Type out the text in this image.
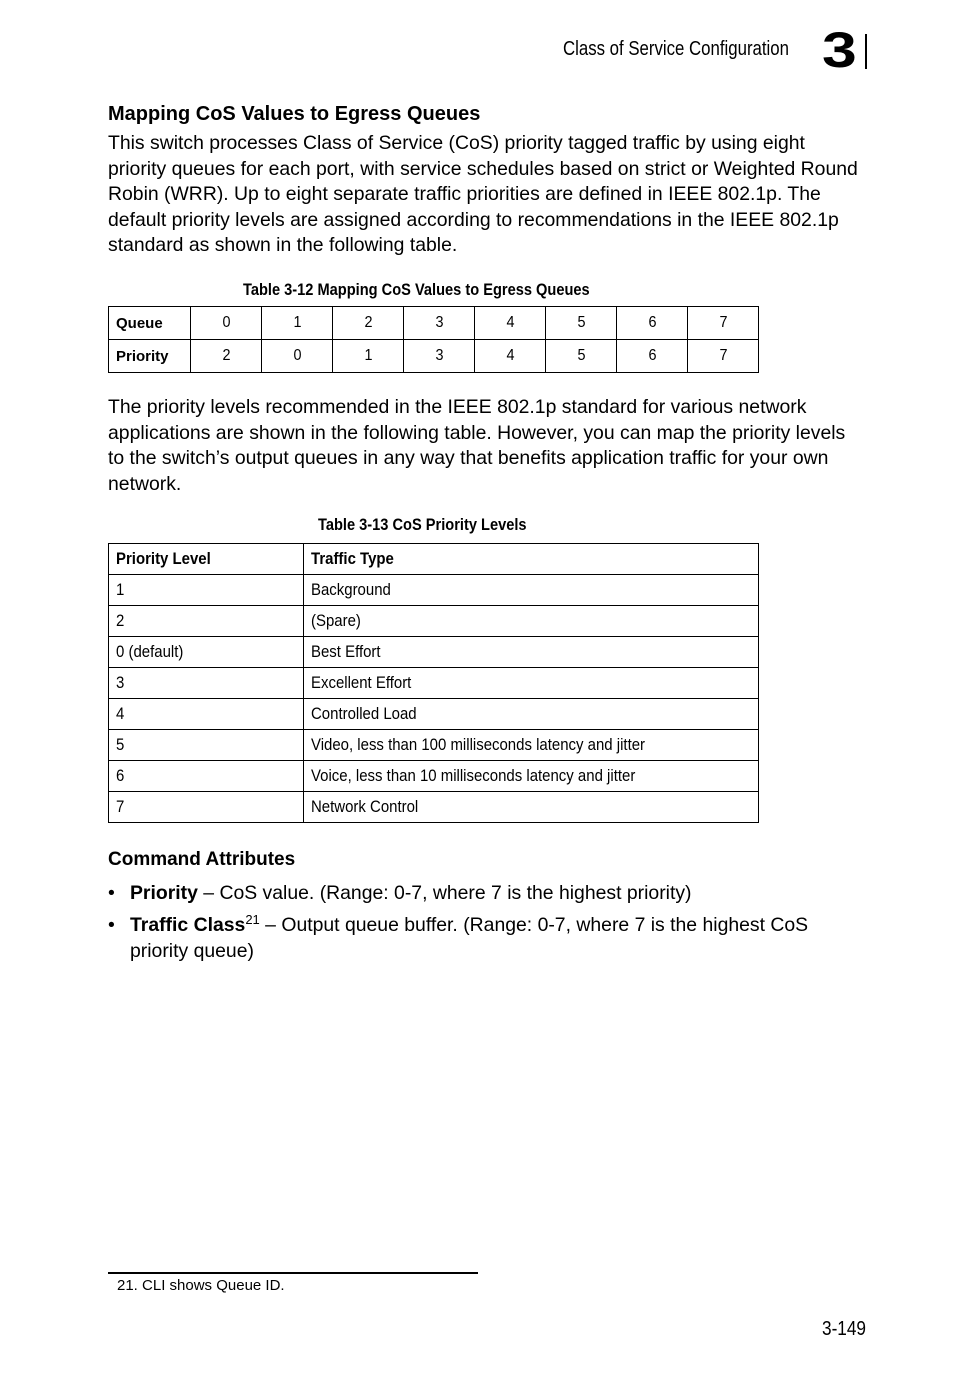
Class of Service Configuration 3
Mapping CoS Values to Egress Queues

This switch processes Class of Service (CoS) priority tagged traffic by using eight priority queues for each port, with service schedules based on strict or Weighted Round Robin (WRR). Up to eight separate traffic priorities are defined in IEEE 802.1p. The default priority levels are assigned according to recommendations in the IEEE 802.1p standard as shown in the following table.

Table 3-12 Mapping CoS Values to Egress Queues
Queue	0	1	2	3	4	5	6	7
Priority	2	0	1	3	4	5	6	7

The priority levels recommended in the IEEE 802.1p standard for various network applications are shown in the following table. However, you can map the priority levels to the switch’s output queues in any way that benefits application traffic for your own network.

Table 3-13 CoS Priority Levels
Priority Level	Traffic Type
1	Background
2	(Spare)
0 (default)	Best Effort
3	Excellent Effort
4	Controlled Load
5	Video, less than 100 milliseconds latency and jitter
6	Voice, less than 10 milliseconds latency and jitter
7	Network Control
Command Attributes
• Priority – CoS value. (Range: 0-7, where 7 is the highest priority)
• Traffic Class$^{21}$ – Output queue buffer. (Range: 0-7, where 7 is the highest CoS priority queue)
21. CLI shows Queue ID.
3-149
